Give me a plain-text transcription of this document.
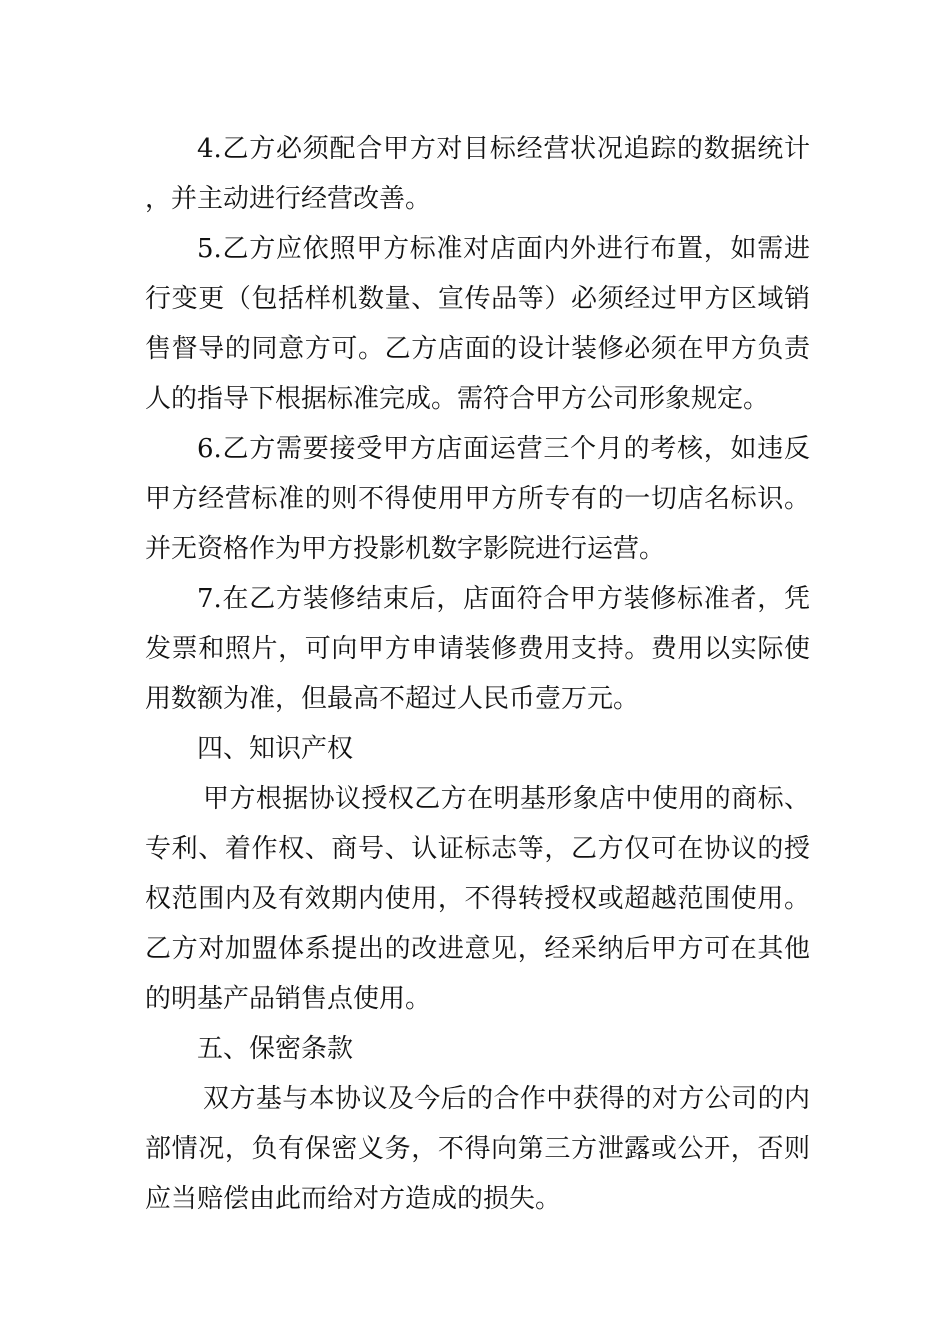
4.乙方必须配合甲方对目标经营状况追踪的数据统计，并主动进行经营改善。

5.乙方应依照甲方标准对店面内外进行布置，如需进行变更（包括样机数量、宣传品等）必须经过甲方区域销售督导的同意方可。乙方店面的设计装修必须在甲方负责人的指导下根据标准完成。需符合甲方公司形象规定。

6.乙方需要接受甲方店面运营三个月的考核，如违反甲方经营标准的则不得使用甲方所专有的一切店名标识。并无资格作为甲方投影机数字影院进行运营。

7.在乙方装修结束后，店面符合甲方装修标准者，凭发票和照片，可向甲方申请装修费用支持。费用以实际使用数额为准，但最高不超过人民币壹万元。

四、知识产权

甲方根据协议授权乙方在明基形象店中使用的商标、专利、着作权、商号、认证标志等，乙方仅可在协议的授权范围内及有效期内使用，不得转授权或超越范围使用。乙方对加盟体系提出的改进意见，经采纳后甲方可在其他的明基产品销售点使用。

五、保密条款

双方基与本协议及今后的合作中获得的对方公司的内部情况，负有保密义务，不得向第三方泄露或公开，否则应当赔偿由此而给对方造成的损失。
